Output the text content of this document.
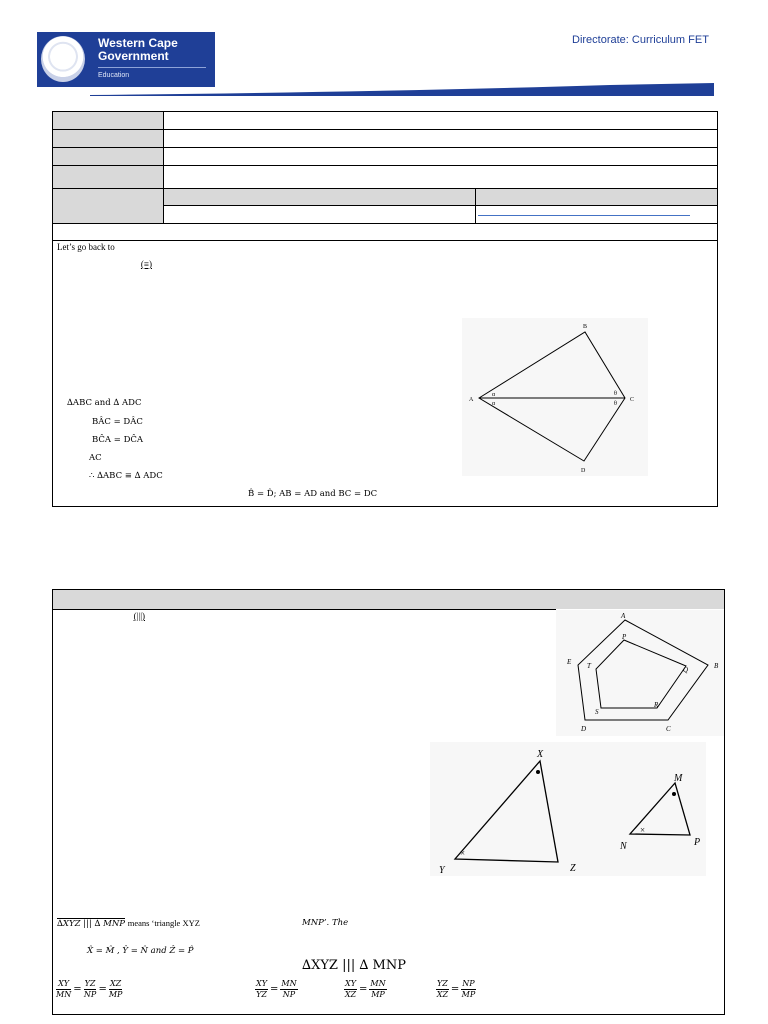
Western Cape
Government
Education
Directorate: Curriculum FET
Let’s go back to
(≡)
∆ABC and ∆ ADC
BÂC = DÂC
BĈA = DĈA
AC
∴ ∆ABC ≡ ∆ ADC
B̂ = D̂; AB = AD and BC = DC
A
B
C
D
α
α
θ
θ
(|||)	A
B
C
D
E
P
Q
R
S
T
×
×
X
Y	Z
M
N	P
∆XYZ ||| ∆ MNP means ‘triangle XYZ	MNP’. The
X̂ = M̂ , Ŷ = N̂ and Ẑ = P̂
∆XYZ ||| ∆ MNP
$\frac{XY}{MN} = \frac{YZ}{NP} = \frac{XZ}{MP}$	$\frac{XY}{YZ} = \frac{MN}{NP}$	$\frac{XY}{XZ} = \frac{MN}{MP}$	$\frac{YZ}{XZ} = \frac{NP}{MP}$
